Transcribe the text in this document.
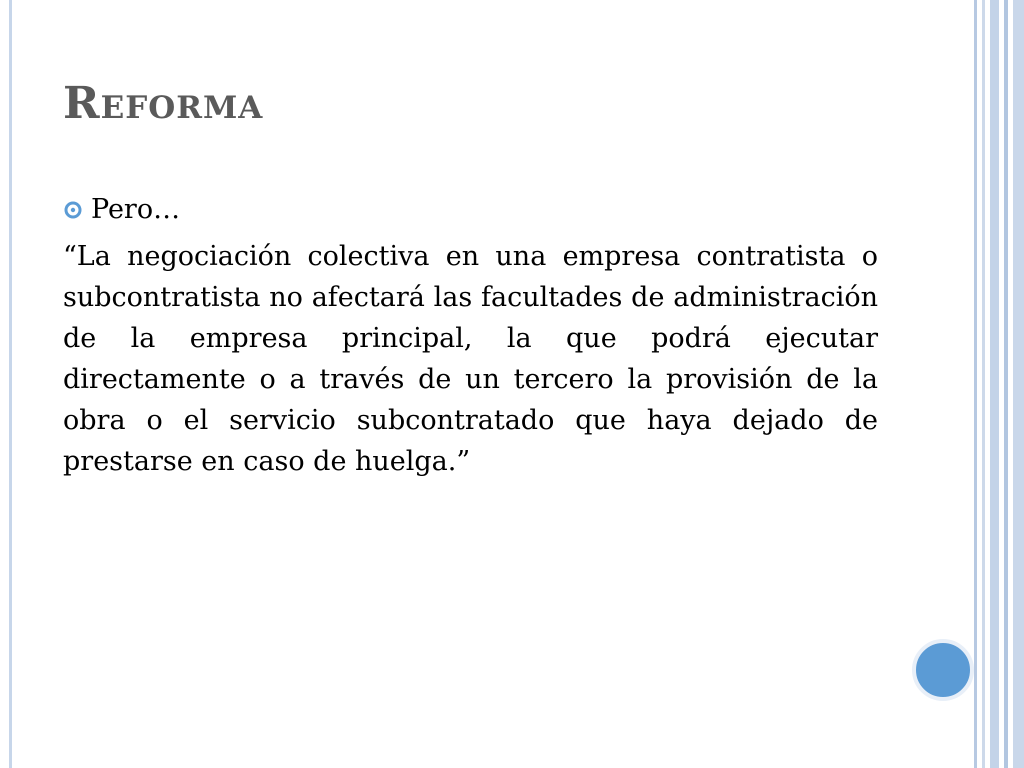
Reforma
Pero…

“La negociación colectiva en una empresa contratista o subcontratista no afectará las facultades de administración de la empresa principal, la que podrá ejecutar directamente o a través de un tercero la provisión de la obra o el servicio subcontratado que haya dejado de prestarse en caso de huelga.”
